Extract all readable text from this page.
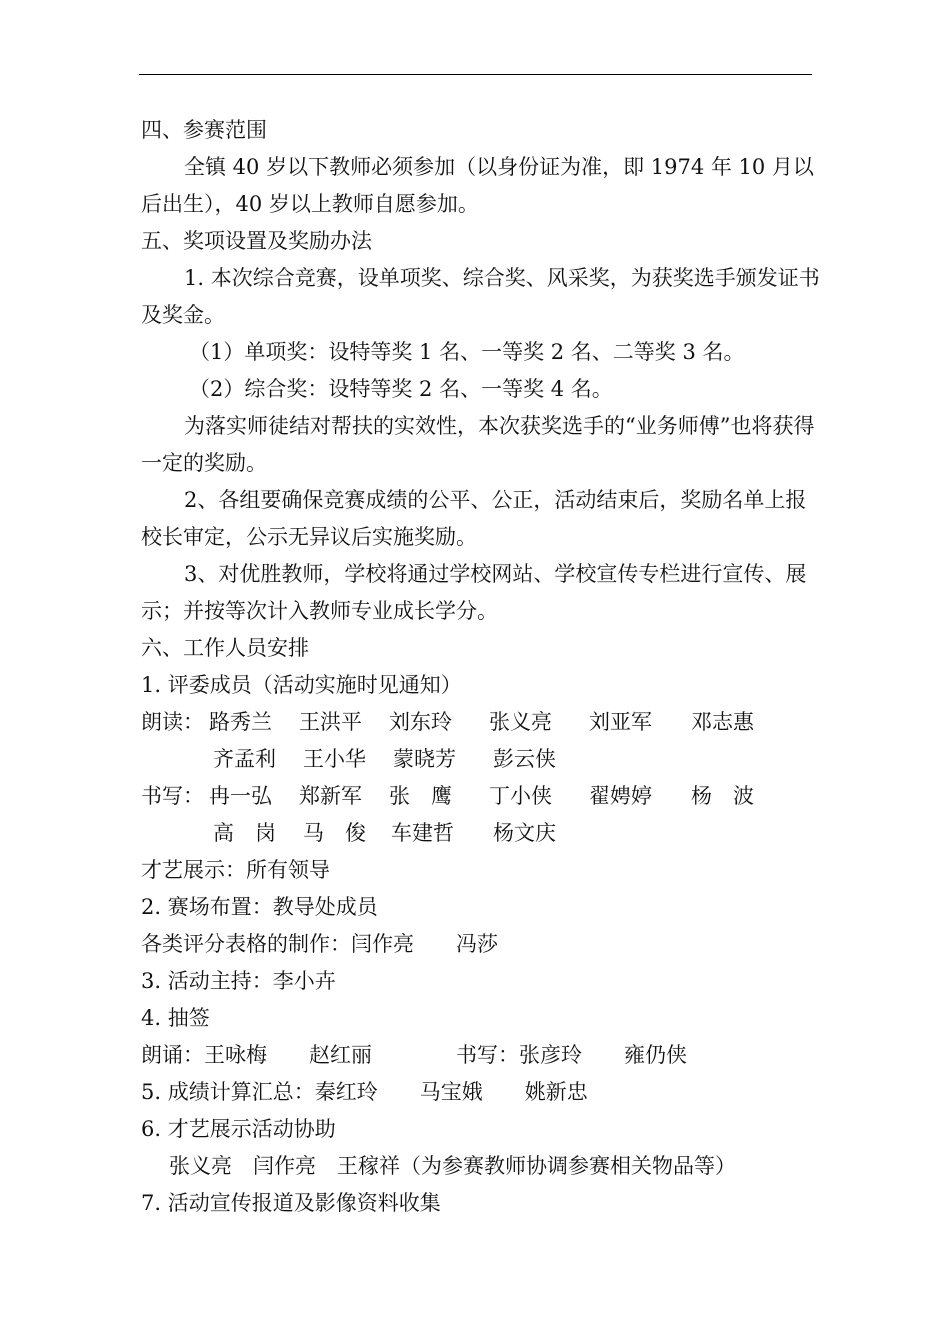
四、参赛范围
全镇 40 岁以下教师必须参加（以身份证为准，即 1974 年 10 月以后出生），40 岁以上教师自愿参加。
五、奖项设置及奖励办法
1. 本次综合竞赛，设单项奖、综合奖、风采奖，为获奖选手颁发证书及奖金。
（1）单项奖：设特等奖 1 名、一等奖 2 名、二等奖 3 名。
（2）综合奖：设特等奖 2 名、一等奖 4 名。
为落实师徒结对帮扶的实效性，本次获奖选手的“业务师傅”也将获得一定的奖励。
2、各组要确保竞赛成绩的公平、公正，活动结束后，奖励名单上报校长审定，公示无异议后实施奖励。
3、对优胜教师，学校将通过学校网站、学校宣传专栏进行宣传、展示；并按等次计入教师专业成长学分。
六、工作人员安排
1. 评委成员（活动实施时见通知）
朗读： 路秀兰 王洪平 刘东玲 张义亮 刘亚军 邓志惠
齐孟利 王小华 蒙晓芳 彭云侠
书写： 冉一弘 郑新军 张　鹰 丁小侠 翟娉婷 杨　波
高　岗 马　俊 车建哲 杨文庆
才艺展示：所有领导
2. 赛场布置：教导处成员
各类评分表格的制作：闫作亮　　冯莎
3. 活动主持：李小卉
4. 抽签
朗诵：王咏梅　　赵红丽　　　　书写：张彦玲　　雍仍侠
5. 成绩计算汇总：秦红玲　　马宝娥　　姚新忠
6. 才艺展示活动协助
张义亮　闫作亮　王稼祥（为参赛教师协调参赛相关物品等）
7. 活动宣传报道及影像资料收集
